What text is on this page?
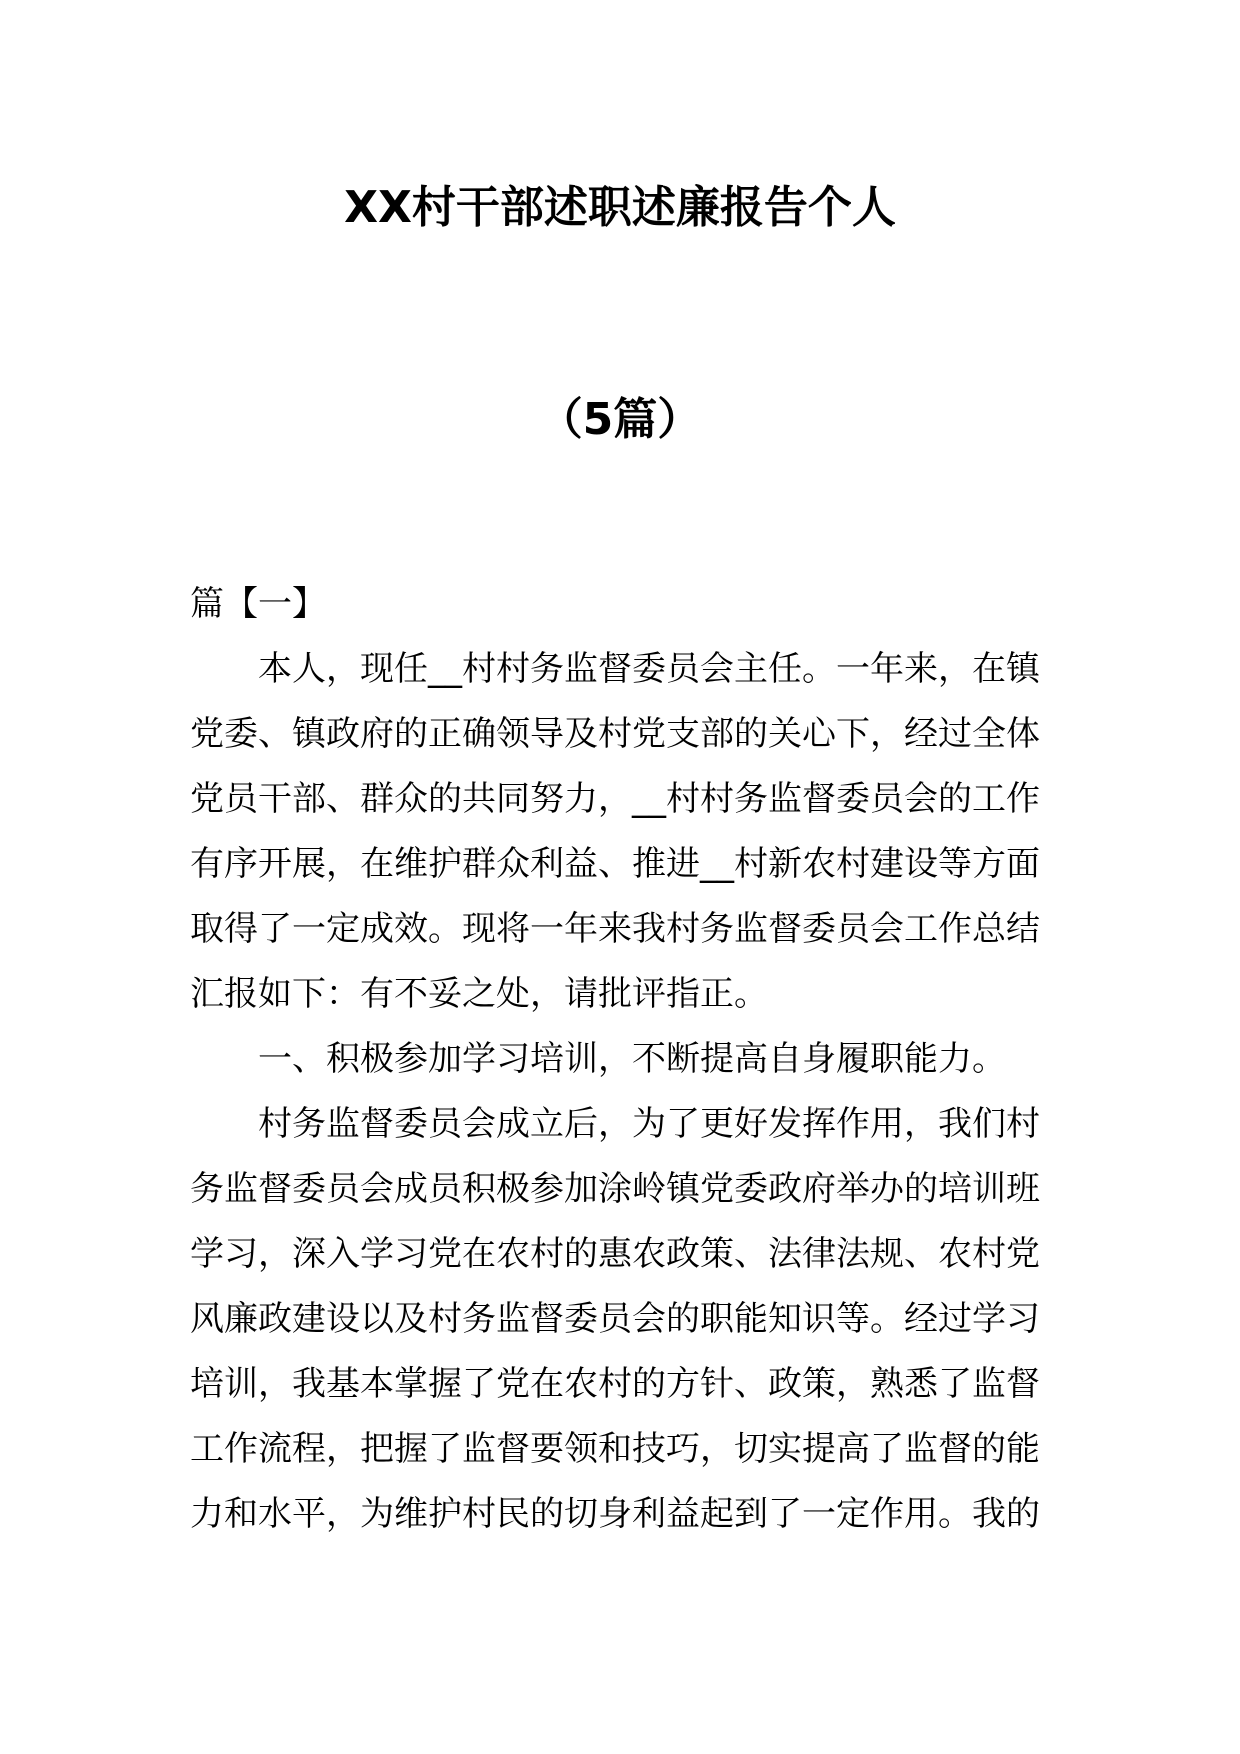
XX村干部述职述廉报告个人
（5篇）

篇【一】

本人，现任__村村务监督委员会主任。一年来，在镇

党委、镇政府的正确领导及村党支部的关心下，经过全体

党员干部、群众的共同努力，__村村务监督委员会的工作

有序开展，在维护群众利益、推进__村新农村建设等方面

取得了一定成效。现将一年来我村务监督委员会工作总结

汇报如下：有不妥之处，请批评指正。

一、积极参加学习培训，不断提高自身履职能力。

村务监督委员会成立后，为了更好发挥作用，我们村

务监督委员会成员积极参加涂岭镇党委政府举办的培训班

学习，深入学习党在农村的惠农政策、法律法规、农村党

风廉政建设以及村务监督委员会的职能知识等。经过学习

培训，我基本掌握了党在农村的方针、政策，熟悉了监督

工作流程，把握了监督要领和技巧，切实提高了监督的能

力和水平，为维护村民的切身利益起到了一定作用。我的
